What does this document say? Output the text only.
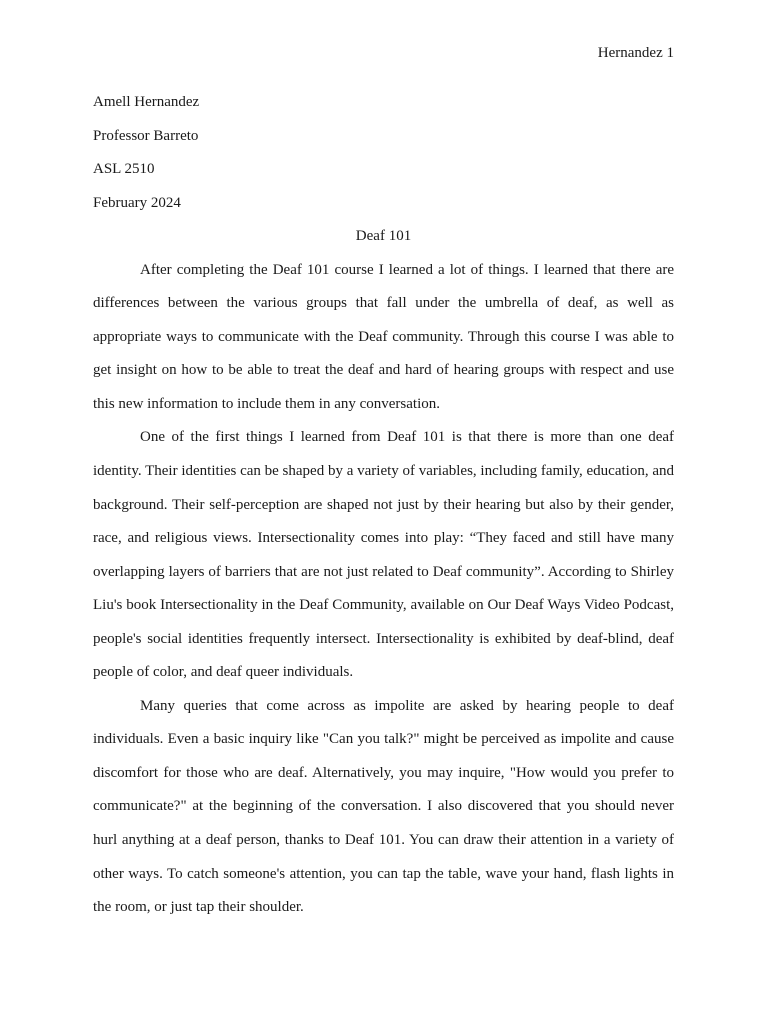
Hernandez 1

Amell Hernandez

Professor Barreto

ASL 2510

February 2024

Deaf 101

After completing the Deaf 101 course I learned a lot of things. I learned that there are differences between the various groups that fall under the umbrella of deaf, as well as appropriate ways to communicate with the Deaf community. Through this course I was able to get insight on how to be able to treat the deaf and hard of hearing groups with respect and use this new information to include them in any conversation.

One of the first things I learned from Deaf 101 is that there is more than one deaf identity. Their identities can be shaped by a variety of variables, including family, education, and background. Their self-perception are shaped not just by their hearing but also by their gender, race, and religious views. Intersectionality comes into play: “They faced and still have many overlapping layers of barriers that are not just related to Deaf community”. According to Shirley Liu's book Intersectionality in the Deaf Community, available on Our Deaf Ways Video Podcast, people's social identities frequently intersect. Intersectionality is exhibited by deaf-blind, deaf people of color, and deaf queer individuals.

Many queries that come across as impolite are asked by hearing people to deaf individuals. Even a basic inquiry like "Can you talk?" might be perceived as impolite and cause discomfort for those who are deaf. Alternatively, you may inquire, "How would you prefer to communicate?" at the beginning of the conversation. I also discovered that you should never hurl anything at a deaf person, thanks to Deaf 101. You can draw their attention in a variety of other ways. To catch someone's attention, you can tap the table, wave your hand, flash lights in the room, or just tap their shoulder.
